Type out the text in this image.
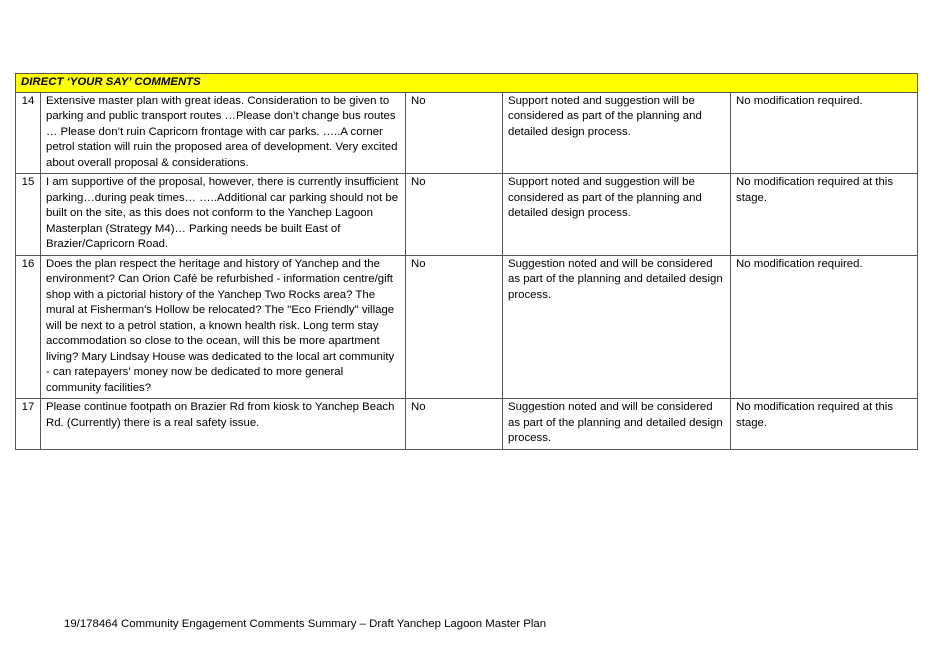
DIRECT ‘YOUR SAY’ COMMENTS				
14	Extensive master plan with great ideas. Consideration to be given to parking and public transport routes …Please don’t change bus routes … Please don’t ruin Capricorn frontage with car parks. …..A corner petrol station will ruin the proposed area of development. Very excited about overall proposal & considerations.	No	Support noted and suggestion will be considered as part of the planning and detailed design process.	No modification required.
15	I am supportive of the proposal, however, there is currently insufficient parking…during peak times… …..Additional car parking should not be built on the site, as this does not conform to the Yanchep Lagoon Masterplan (Strategy M4)… Parking needs be built East of Brazier/Capricorn Road.	No	Support noted and suggestion will be considered as part of the planning and detailed design process.	No modification required at this stage.
16	Does the plan respect the heritage and history of Yanchep and the environment? Can Orion Café be refurbished - information centre/gift shop with a pictorial history of the Yanchep Two Rocks area? The mural at Fisherman's Hollow be relocated? The "Eco Friendly" village will be next to a petrol station, a known health risk. Long term stay accommodation so close to the ocean, will this be more apartment living? Mary Lindsay House was dedicated to the local art community - can ratepayers’ money now be dedicated to more general community facilities?	No	Suggestion noted and will be considered as part of the planning and detailed design process.	No modification required.
17	Please continue footpath on Brazier Rd from kiosk to Yanchep Beach Rd. (Currently) there is a real safety issue.	No	Suggestion noted and will be considered as part of the planning and detailed design process.	No modification required at this stage.
19/178464 Community Engagement Comments Summary – Draft Yanchep Lagoon Master Plan
